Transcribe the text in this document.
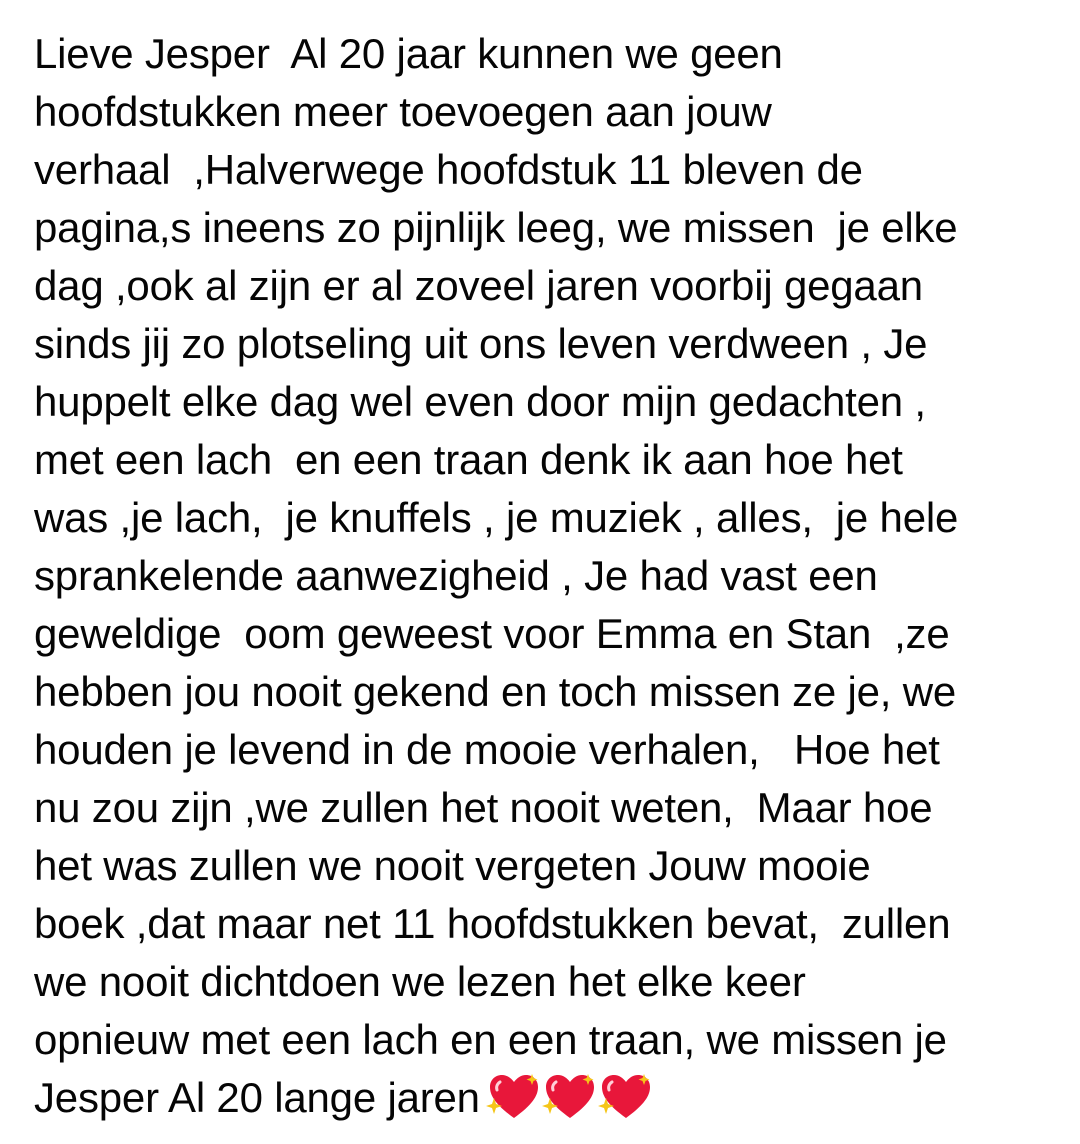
Lieve Jesper  Al 20 jaar kunnen we geen
hoofdstukken meer toevoegen aan jouw
verhaal  ,Halverwege hoofdstuk 11 bleven de
pagina,s ineens zo pijnlijk leeg, we missen  je elke
dag ,ook al zijn er al zoveel jaren voorbij gegaan
sinds jij zo plotseling uit ons leven verdween , Je
huppelt elke dag wel even door mijn gedachten ,
met een lach  en een traan denk ik aan hoe het
was ,je lach,  je knuffels , je muziek , alles,  je hele
sprankelende aanwezigheid , Je had vast een
geweldige  oom geweest voor Emma en Stan  ,ze
hebben jou nooit gekend en toch missen ze je, we
houden je levend in de mooie verhalen,   Hoe het
nu zou zijn ,we zullen het nooit weten,  Maar hoe
het was zullen we nooit vergeten Jouw mooie
boek ,dat maar net 11 hoofdstukken bevat,  zullen
we nooit dichtdoen we lezen het elke keer
opnieuw met een lach en een traan, we missen je
Jesper Al 20 lange jaren
